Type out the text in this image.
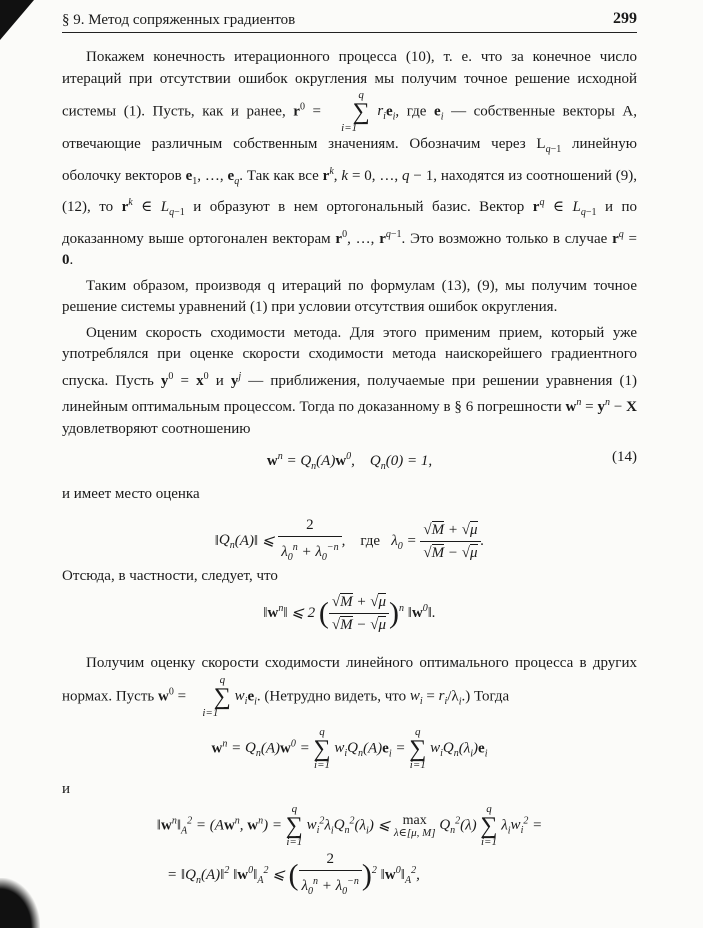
§ 9. Метод сопряженных градиентов	299

Покажем конечность итерационного процесса (10), т. е. что за конечное число итераций при отсутствии ошибок округления мы получим точное решение исходной системы (1). Пусть, как и ранее, $r^0 = q$
∑
i=1 $r_ie_i$, где $e_i$ — собственные векторы A, отвечающие различным собственным значениям. Обозначим через $L_{q-1}$ линейную оболочку векторов $e_1$, …, $e_q$. Так как все $r^k$, k = 0, …, q − 1, находятся из соотношений (9), (12), то $r^k$ ∈ $L_{q-1}$ и образуют в нем ортогональный базис. Вектор $r^q$ ∈ $L_{q-1}$ и по доказанному выше ортогонален векторам $r^0$, …, $r^{q-1}$. Это возможно только в случае $r^q = 0$.

Таким образом, производя q итераций по формулам (13), (9), мы получим точное решение системы уравнений (1) при условии отсутствия ошибок округления.

Оценим скорость сходимости метода. Для этого применим прием, который уже употреблялся при оценке скорости сходимости метода наискорейшего градиентного спуска. Пусть $y^0 = x^0$ и $y^j$ — приближения, получаемые при решении уравнения (1) линейным оптимальным процессом. Тогда по доказанному в § 6 погрешности $w^n = y^n - X$ удовлетворяют соотношению

$w^n = Q_n(A)w^0$,    $Q_n(0) = 1$,	(14)

и имеет место оценка

$‖Q_n(A)‖$ ⩽ $\frac{2}{\lambda_0^n + \lambda_0^{-n}}$ ,    где   $\lambda_0 = \frac{√M + √\mu}{√M - √\mu}$ .

Отсюда, в частности, следует, что

$‖w^n‖$ ⩽ 2 ( $\frac{√M + √\mu}{√M - √\mu} )^n$ $‖w^0‖$.

Получим оценку скорости сходимости линейного оптимального процесса в других нормах. Пусть $w^0 = q$
∑
i=1 $w_ie_i$. (Нетрудно видеть, что $w_i = r_i/\lambda_i$.) Тогда

$w^n = Q_n(A)w^0 = q$
∑
i=1 $w_iQ_n(A)e_i = q$
∑
i=1 $w_iQ_n(\lambda_i)e_i$

и

$‖w^n‖_A^2 = (Aw^n$, $w^n) = q$
∑
i=1 $w_i^2\lambda_iQ_n^2(\lambda_i)$ ⩽ max
λ∈[μ, M] $Q_n^2(\lambda)$ q
∑
i=1 $\lambda_iw_i^2$ =
= $‖Q_n(A)‖^2$ $‖w^0‖_A^2$ ⩽ ( $\frac{2}{\lambda_0^n + \lambda_0^{-n}} )^2$ $‖w^0‖_A^2$,
